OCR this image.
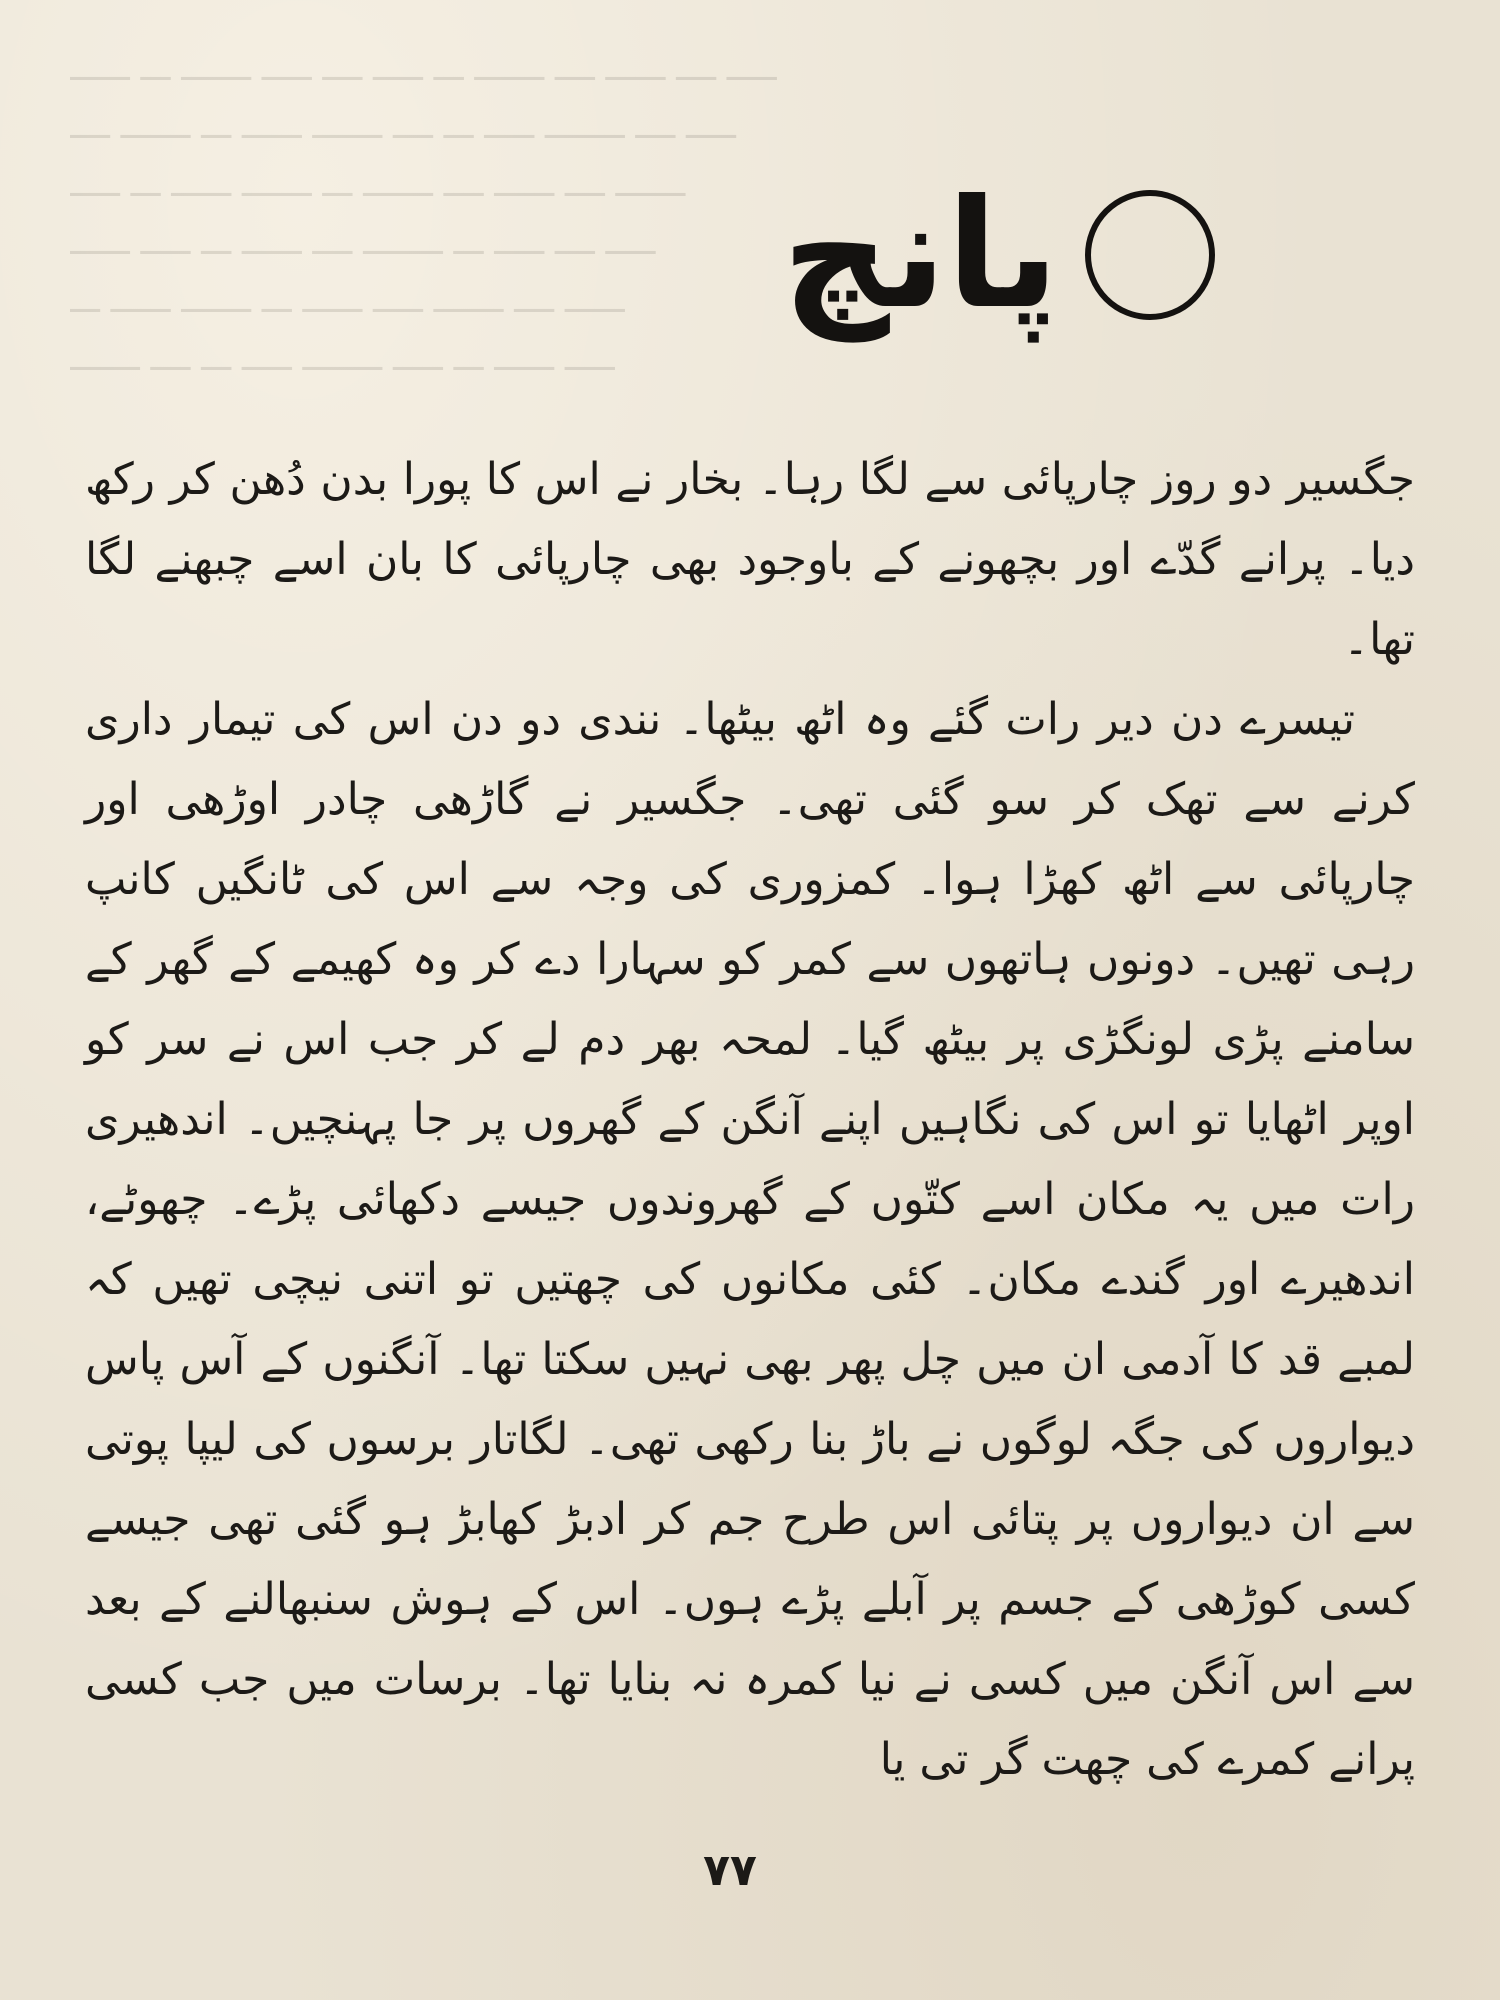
ــــــ ـــ ـــــــ ـــــ ــــ ـــــ ـــ ـــــــ ــــ ــــــ ــــ ـــــ
ــــ ـــــــ ـــ ــــــ ـــــــ ــــ ـــ ـــــ ــــــــ ــــ ـــــ
ـــــ ـــ ــــــ ـــــــ ـــ ـــــــ ــــ ــــــ ــــ ـــــــ
ــــــ ـــــ ـــ ــــــ ــــ ــــــــ ـــ ـــــ ــــ ـــــ
ـــ ــــــ ـــــــ ـــ ــــــ ـــــ ـــــــ ــــ ــــــ
ـــــــ ــــ ـــ ـــــ ــــــــ ـــــ ـــ ــــــ ـــــ
پانچ

جگسیر دو روز چارپائی سے لگا رہا۔ بخار نے اس کا پورا بدن دُھن کر رکھ دیا۔ پرانے گدّے اور بچھونے کے باوجود بھی چارپائی کا بان اسے چبھنے لگا تھا۔

تیسرے دن دیر رات گئے وہ اٹھ بیٹھا۔ نندی دو دن اس کی تیمار داری کرنے سے تھک کر سو گئی تھی۔ جگسیر نے گاڑھی چادر اوڑھی اور چارپائی سے اٹھ کھڑا ہوا۔ کمزوری کی وجہ سے اس کی ٹانگیں کانپ رہی تھیں۔ دونوں ہاتھوں سے کمر کو سہارا دے کر وہ کھیمے کے گھر کے سامنے پڑی لونگڑی پر بیٹھ گیا۔ لمحہ بھر دم لے کر جب اس نے سر کو اوپر اٹھایا تو اس کی نگاہیں اپنے آنگن کے گھروں پر جا پہنچیں۔ اندھیری رات میں یہ مکان اسے کتّوں کے گھروندوں جیسے دکھائی پڑے۔ چھوٹے، اندھیرے اور گندے مکان۔ کئی مکانوں کی چھتیں تو اتنی نیچی تھیں کہ لمبے قد کا آدمی ان میں چل پھر بھی نہیں سکتا تھا۔ آنگنوں کے آس پاس دیواروں کی جگہ لوگوں نے باڑ بنا رکھی تھی۔ لگاتار برسوں کی لیپا پوتی سے ان دیواروں پر پتائی اس طرح جم کر ادبڑ کھابڑ ہو گئی تھی جیسے کسی کوڑھی کے جسم پر آبلے پڑے ہوں۔ اس کے ہوش سنبھالنے کے بعد سے اس آنگن میں کسی نے نیا کمرہ نہ بنایا تھا۔ برسات میں جب کسی پرانے کمرے کی چھت گر تی یا

۷۷
